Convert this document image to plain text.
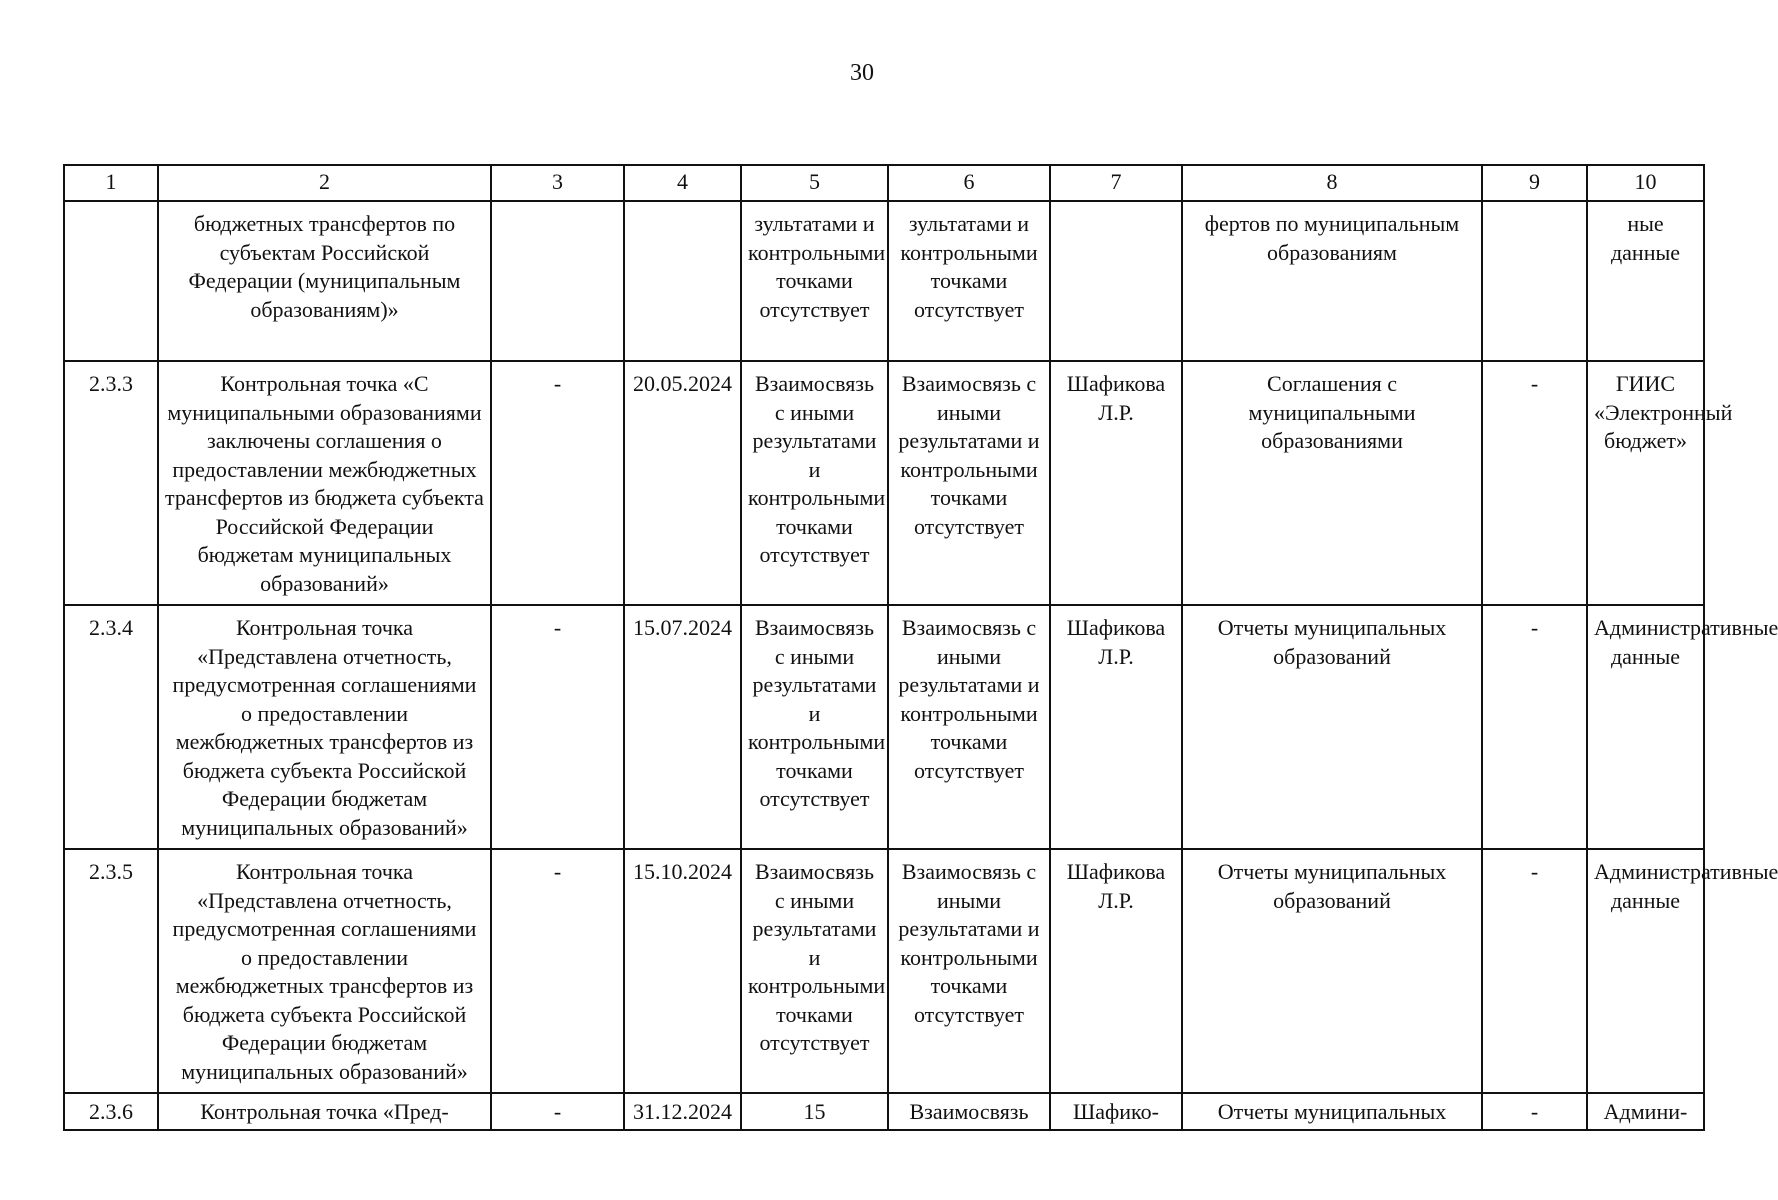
30
1	2	3	4	5	6	7	8	9	10
	бюджетных трансфертов по субъектам Российской Федерации (муниципальным образованиям)»			зультатами и контрольными точками отсутствует	зультатами и контрольными точками отсутствует		фертов по муниципальным образованиям		ные данные
2.3.3	Контрольная точка «С муниципальными образованиями заключены соглашения о предоставлении межбюджетных трансфертов из бюджета субъекта Российской Федерации бюджетам муниципальных образований»	-	20.05.2024	Взаимосвязь с иными результатами и контрольными точками отсутствует	Взаимосвязь с иными результатами и контрольными точками отсутствует	Шафикова Л.Р.	Соглашения с муниципальными образованиями	-	ГИИС «Электронный бюджет»
2.3.4	Контрольная точка «Представлена отчетность, предусмотренная соглашениями о предоставлении межбюджетных трансфертов из бюджета субъекта Российской Федерации бюджетам муниципальных образований»	-	15.07.2024	Взаимосвязь с иными результатами и контрольными точками отсутствует	Взаимосвязь с иными результатами и контрольными точками отсутствует	Шафикова Л.Р.	Отчеты муниципальных образований	-	Административные данные
2.3.5	Контрольная точка «Представлена отчетность, предусмотренная соглашениями о предоставлении межбюджетных трансфертов из бюджета субъекта Российской Федерации бюджетам муниципальных образований»	-	15.10.2024	Взаимосвязь с иными результатами и контрольными точками отсутствует	Взаимосвязь с иными результатами и контрольными точками отсутствует	Шафикова Л.Р.	Отчеты муниципальных образований	-	Административные данные
2.3.6	Контрольная точка «Пред-	-	31.12.2024	15	Взаимосвязь	Шафико-	Отчеты муниципальных	-	Админи-
